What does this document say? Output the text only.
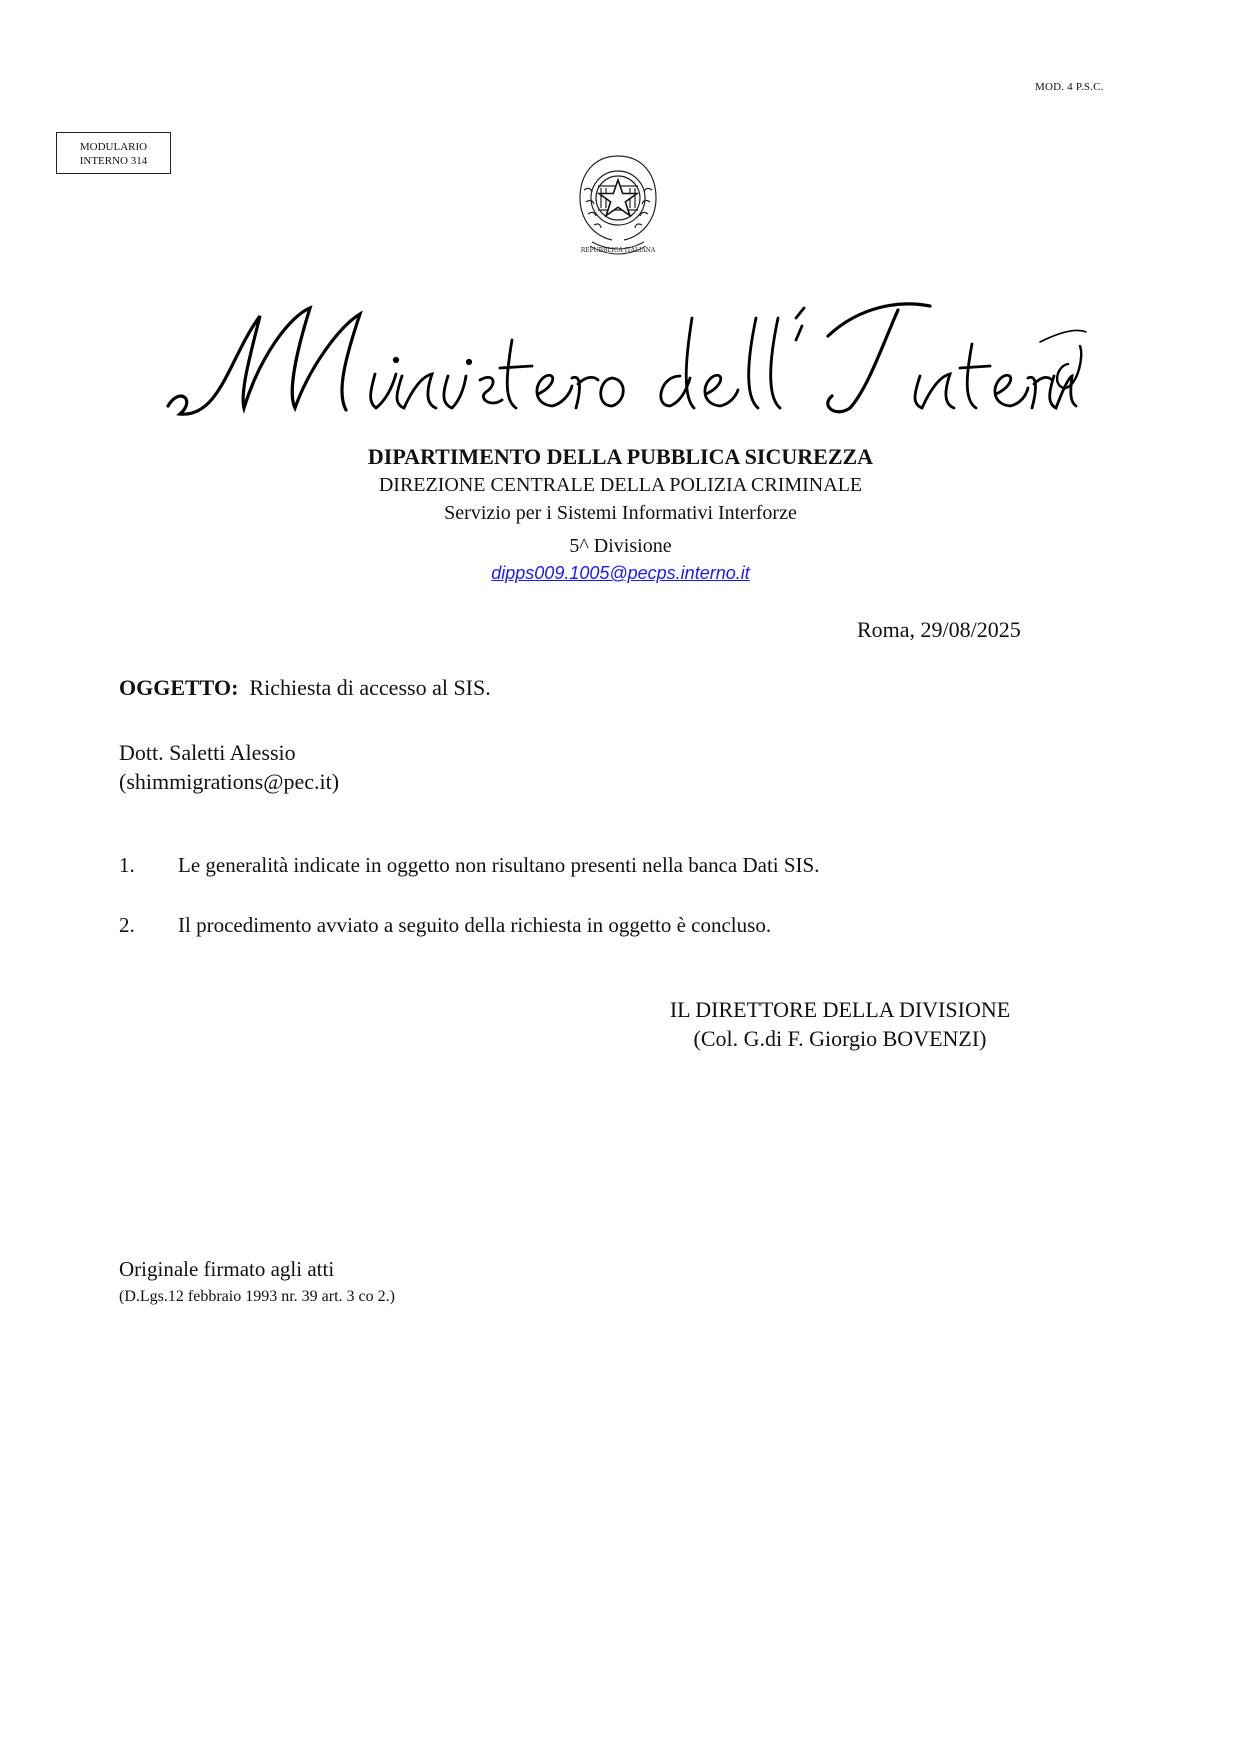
MOD. 4 P.S.C.
MODULARIO
INTERNO 314
REPUBBLICA ITALIANA
DIPARTIMENTO DELLA PUBBLICA SICUREZZA
DIREZIONE CENTRALE DELLA POLIZIA CRIMINALE
Servizio per i Sistemi Informativi Interforze
5^ Divisione
dipps009.1005@pecps.interno.it
Roma, 29/08/2025
OGGETTO: Richiesta di accesso al SIS.
Dott. Saletti Alessio
(shimmigrations@pec.it)
1. Le generalità indicate in oggetto non risultano presenti nella banca Dati SIS.
2. Il procedimento avviato a seguito della richiesta in oggetto è concluso.
IL DIRETTORE DELLA DIVISIONE
(Col. G.di F. Giorgio BOVENZI)
Originale firmato agli atti
(D.Lgs.12 febbraio 1993 nr. 39 art. 3 co 2.)
